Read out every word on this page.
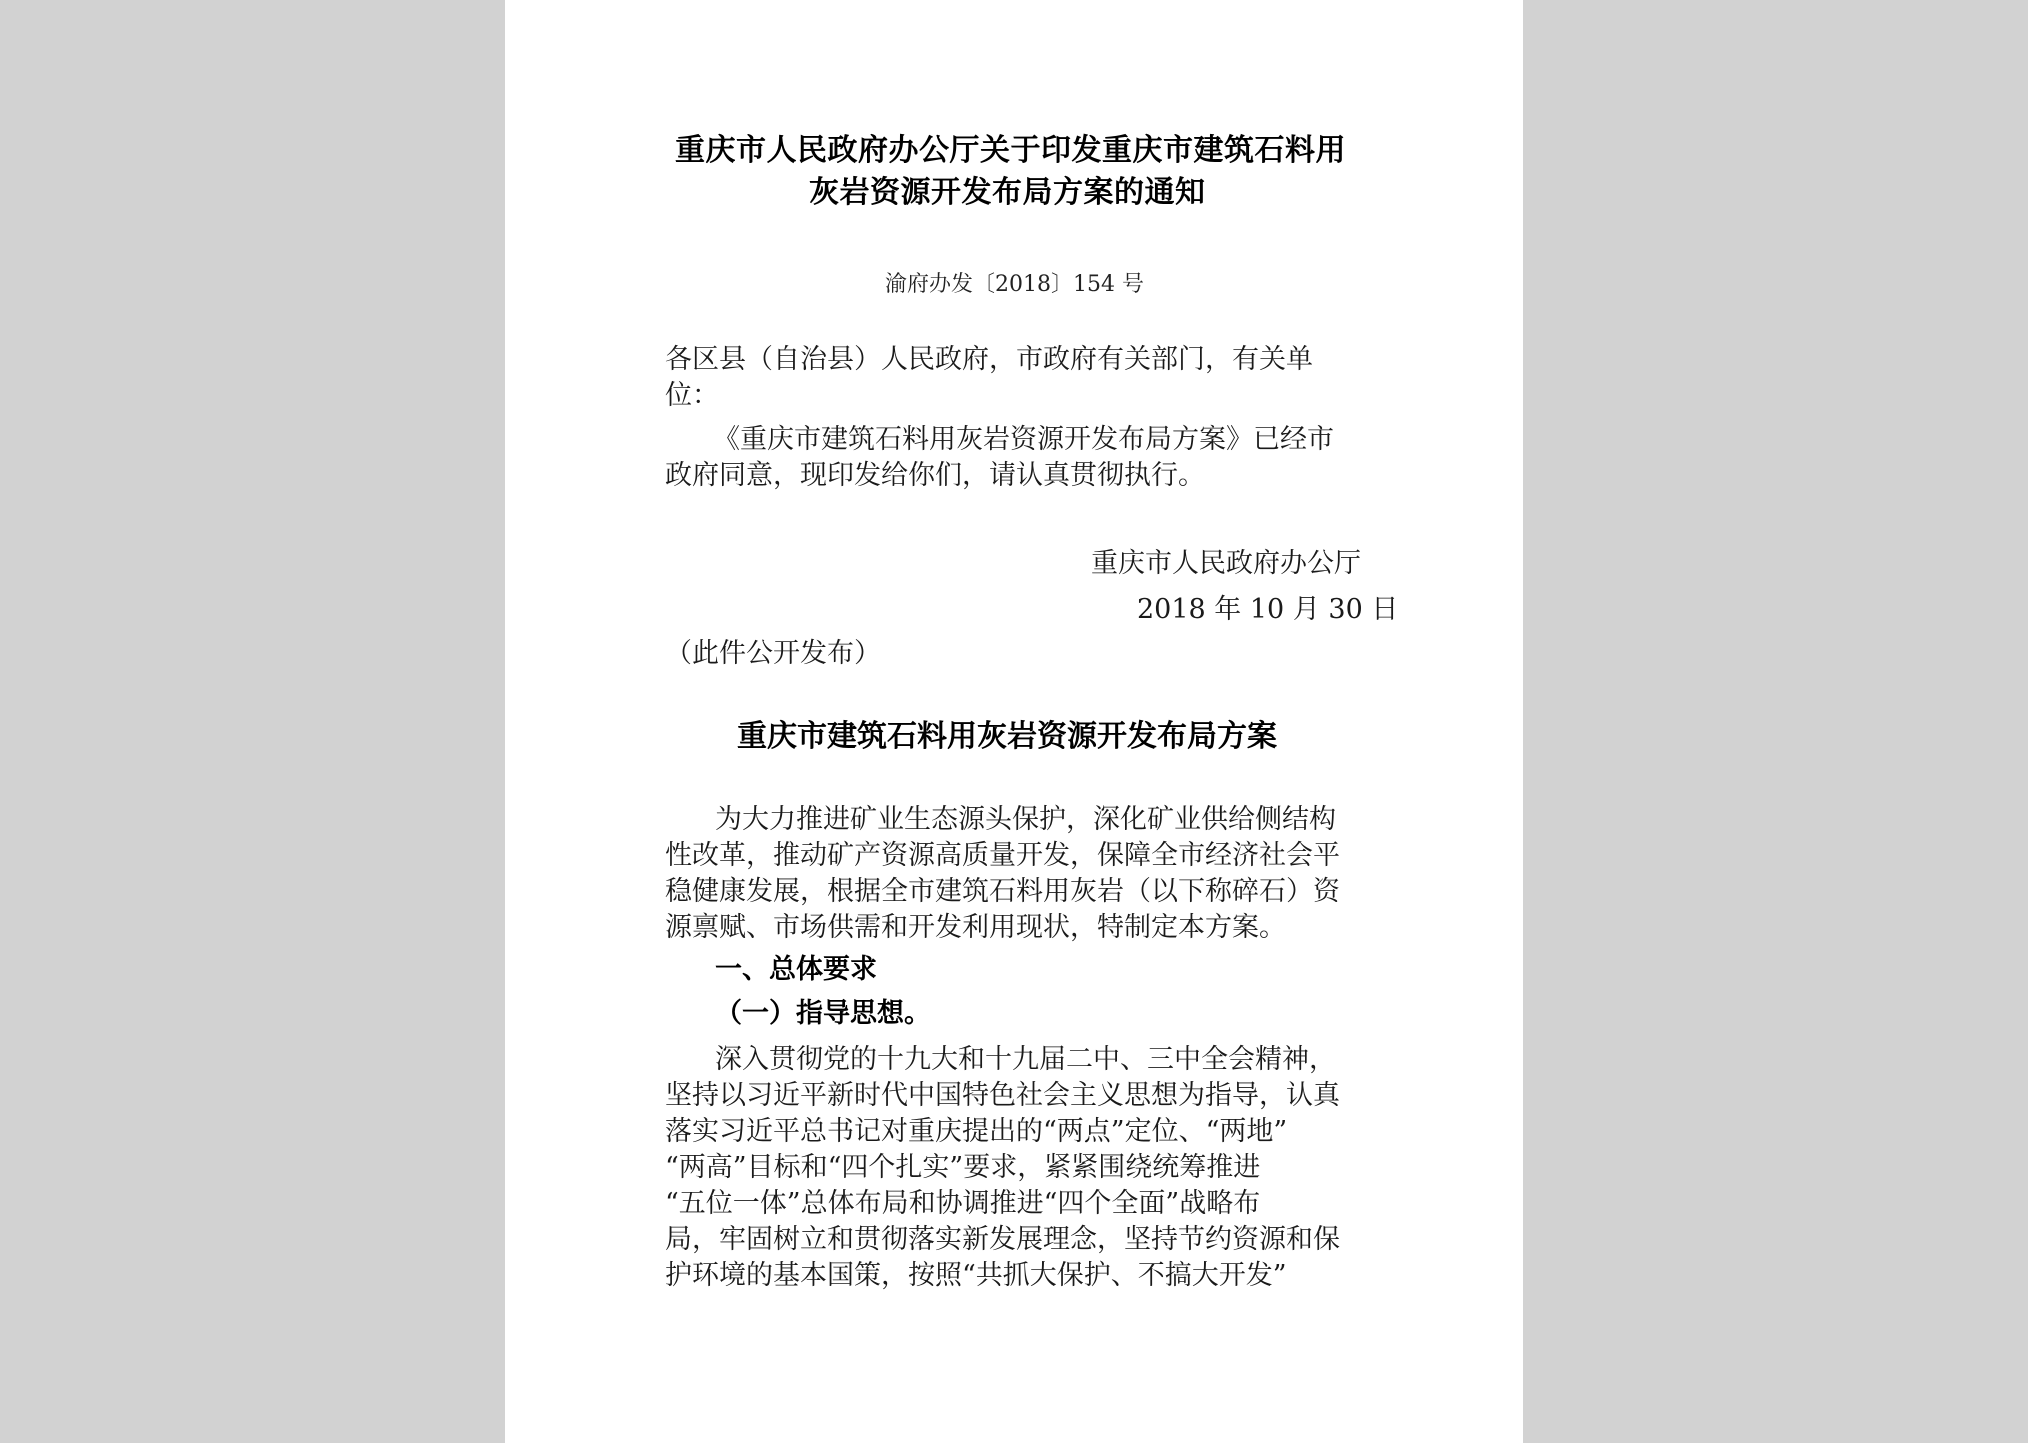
重庆市人民政府办公厅关于印发重庆市建筑石料用
灰岩资源开发布局方案的通知
渝府办发〔2018〕154 号
各区县（自治县）人民政府，市政府有关部门，有关单
位：
《重庆市建筑石料用灰岩资源开发布局方案》已经市
政府同意，现印发给你们，请认真贯彻执行。
重庆市人民政府办公厅
2018 年 10 月 30 日
（此件公开发布）
重庆市建筑石料用灰岩资源开发布局方案
为大力推进矿业生态源头保护，深化矿业供给侧结构
性改革，推动矿产资源高质量开发，保障全市经济社会平
稳健康发展，根据全市建筑石料用灰岩（以下称碎石）资
源禀赋、市场供需和开发利用现状，特制定本方案。
一、总体要求
（一）指导思想。
深入贯彻党的十九大和十九届二中、三中全会精神，
坚持以习近平新时代中国特色社会主义思想为指导，认真
落实习近平总书记对重庆提出的“两点”定位、“两地”
“两高”目标和“四个扎实”要求，紧紧围绕统筹推进
“五位一体”总体布局和协调推进“四个全面”战略布
局，牢固树立和贯彻落实新发展理念，坚持节约资源和保
护环境的基本国策，按照“共抓大保护、不搞大开发”
